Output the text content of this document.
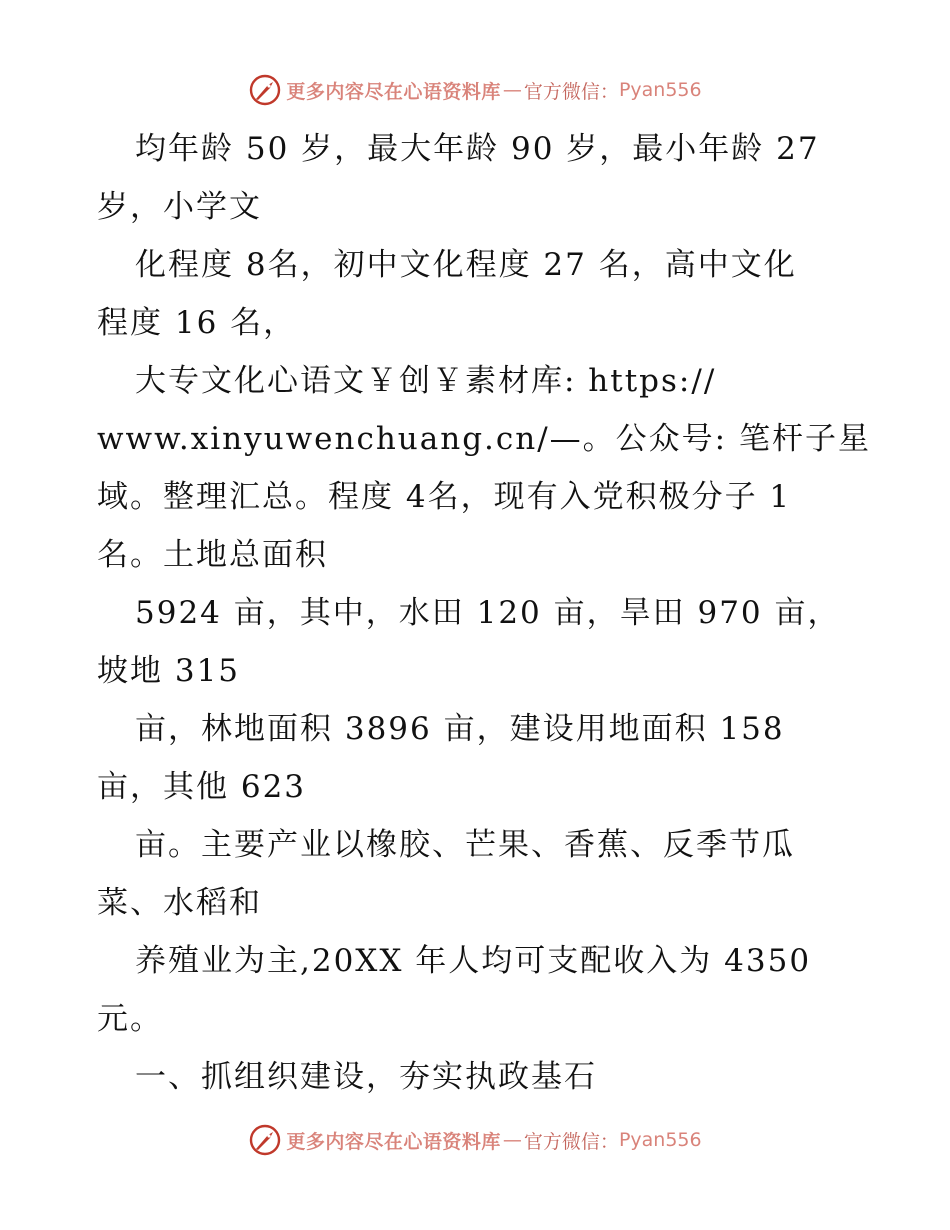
更多内容尽在心语资料库 — 官方微信： Pyan556
均年龄 50 岁，最大年龄 90 岁，最小年龄 27
岁，小学文
化程度 8名，初中文化程度 27 名，高中文化
程度 16 名，
大专文化心语文￥创￥素材库: https://
www.xinyuwenchuang.cn/—。公众号: 笔杆子星
域。整理汇总。程度 4名，现有入党积极分子 1
名。土地总面积
5924 亩，其中，水田 120 亩，旱田 970 亩，
坡地 315
亩，林地面积 3896 亩，建设用地面积 158
亩，其他 623
亩。主要产业以橡胶、芒果、香蕉、反季节瓜
菜、水稻和
养殖业为主,20XX 年人均可支配收入为 4350
元。
一、抓组织建设，夯实执政基石
更多内容尽在心语资料库 — 官方微信： Pyan556
